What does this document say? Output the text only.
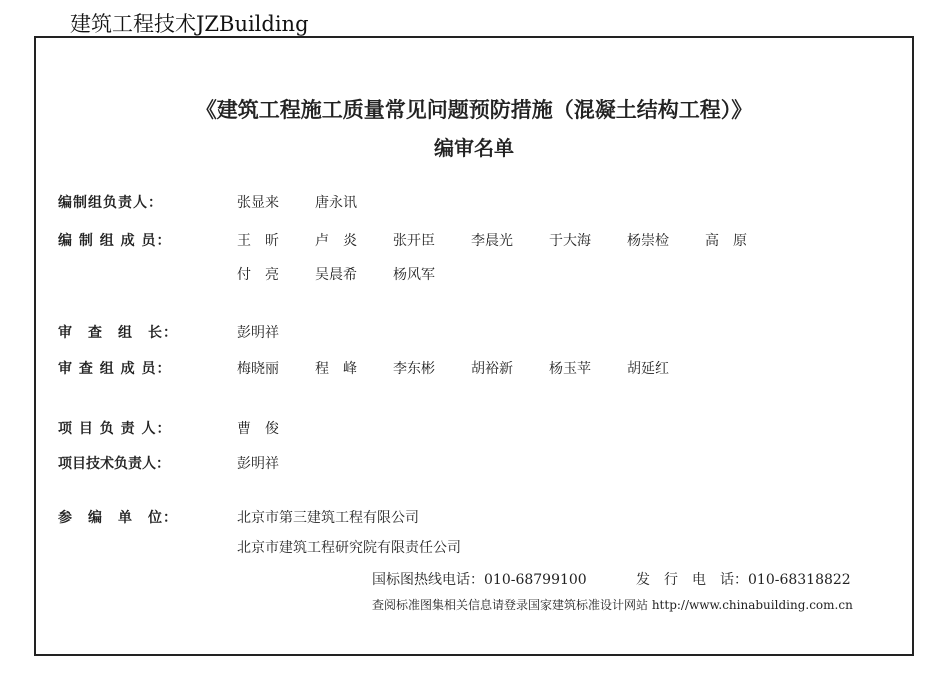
建筑工程技术JZBuilding
《建筑工程施工质量常见问题预防措施（混凝土结构工程）》
编审名单
编制组负责人：	张显来	唐永讯
编 制 组 成 员：	王　昕	卢　炎	张开臣	李晨光	于大海	杨崇检	高　原
付　亮	吴晨希	杨风军
审　查　组　长：	彭明祥
审 查 组 成 员：	梅晓丽	程　峰	李东彬	胡裕新	杨玉苹	胡延红
项 目 负 责 人：	曹　俊
项目技术负责人：	彭明祥
参　编　单　位：	北京市第三建筑工程有限公司
北京市建筑工程研究院有限责任公司
国标图热线电话：010-68799100	发　行　电　话：010-68318822
查阅标准图集相关信息请登录国家建筑标准设计网站 http://www.chinabuilding.com.cn
